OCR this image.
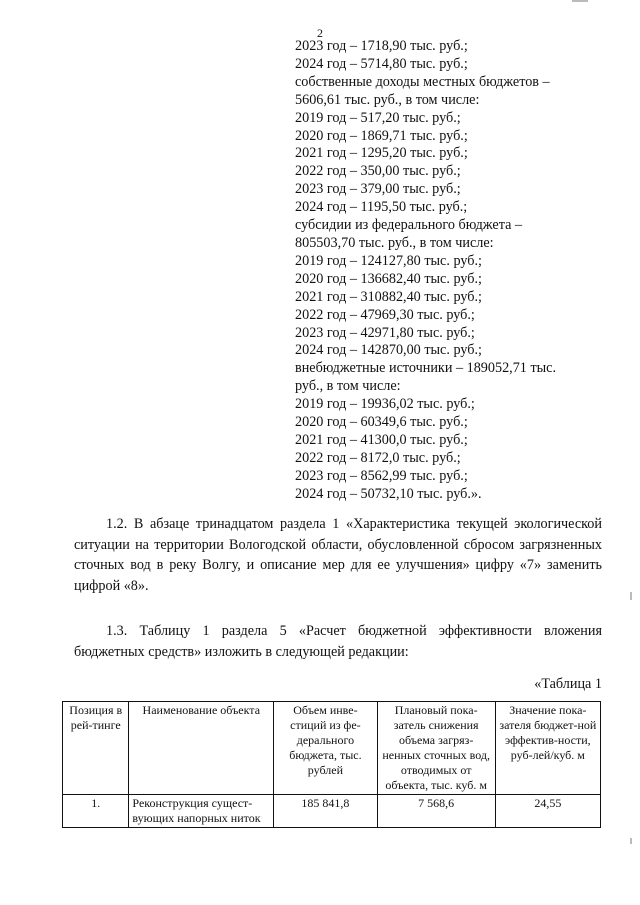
2
2023 год – 1718,90 тыс. руб.;
2024 год – 5714,80 тыс. руб.;
собственные доходы местных бюджетов –
5606,61 тыс. руб., в том числе:
2019 год – 517,20 тыс. руб.;
2020 год – 1869,71 тыс. руб.;
2021 год – 1295,20 тыс. руб.;
2022 год – 350,00 тыс. руб.;
2023 год – 379,00 тыс. руб.;
2024 год – 1195,50 тыс. руб.;
субсидии из федерального бюджета –
805503,70 тыс. руб., в том числе:
2019 год – 124127,80 тыс. руб.;
2020 год – 136682,40 тыс. руб.;
2021 год – 310882,40 тыс. руб.;
2022 год – 47969,30 тыс. руб.;
2023 год – 42971,80 тыс. руб.;
2024 год – 142870,00 тыс. руб.;
внебюджетные источники – 189052,71 тыс.
руб., в том числе:
2019 год – 19936,02 тыс. руб.;
2020 год – 60349,6 тыс. руб.;
2021 год – 41300,0 тыс. руб.;
2022 год – 8172,0 тыс. руб.;
2023 год – 8562,99 тыс. руб.;
2024 год – 50732,10 тыс. руб.».
1.2. В абзаце тринадцатом раздела 1 «Характеристика текущей экологической ситуации на территории Вологодской области, обусловленной сбросом загрязненных сточных вод в реку Волгу, и описание мер для ее улучшения» цифру «7» заменить цифрой «8».
1.3. Таблицу 1 раздела 5 «Расчет бюджетной эффективности вложения бюджетных средств» изложить в следующей редакции:
«Таблица 1
Позиция в рей-тинге	Наименование объекта	Объем инве-стиций из фе-дерального бюджета, тыс. рублей	Плановый пока-затель снижения объема загряз-ненных сточных вод, отводимых от объекта, тыс. куб. м	Значение пока-зателя бюджет-ной эффектив-ности, руб-лей/куб. м
1.	Реконструкция сущест-вующих напорных ниток	185 841,8	7 568,6	24,55
